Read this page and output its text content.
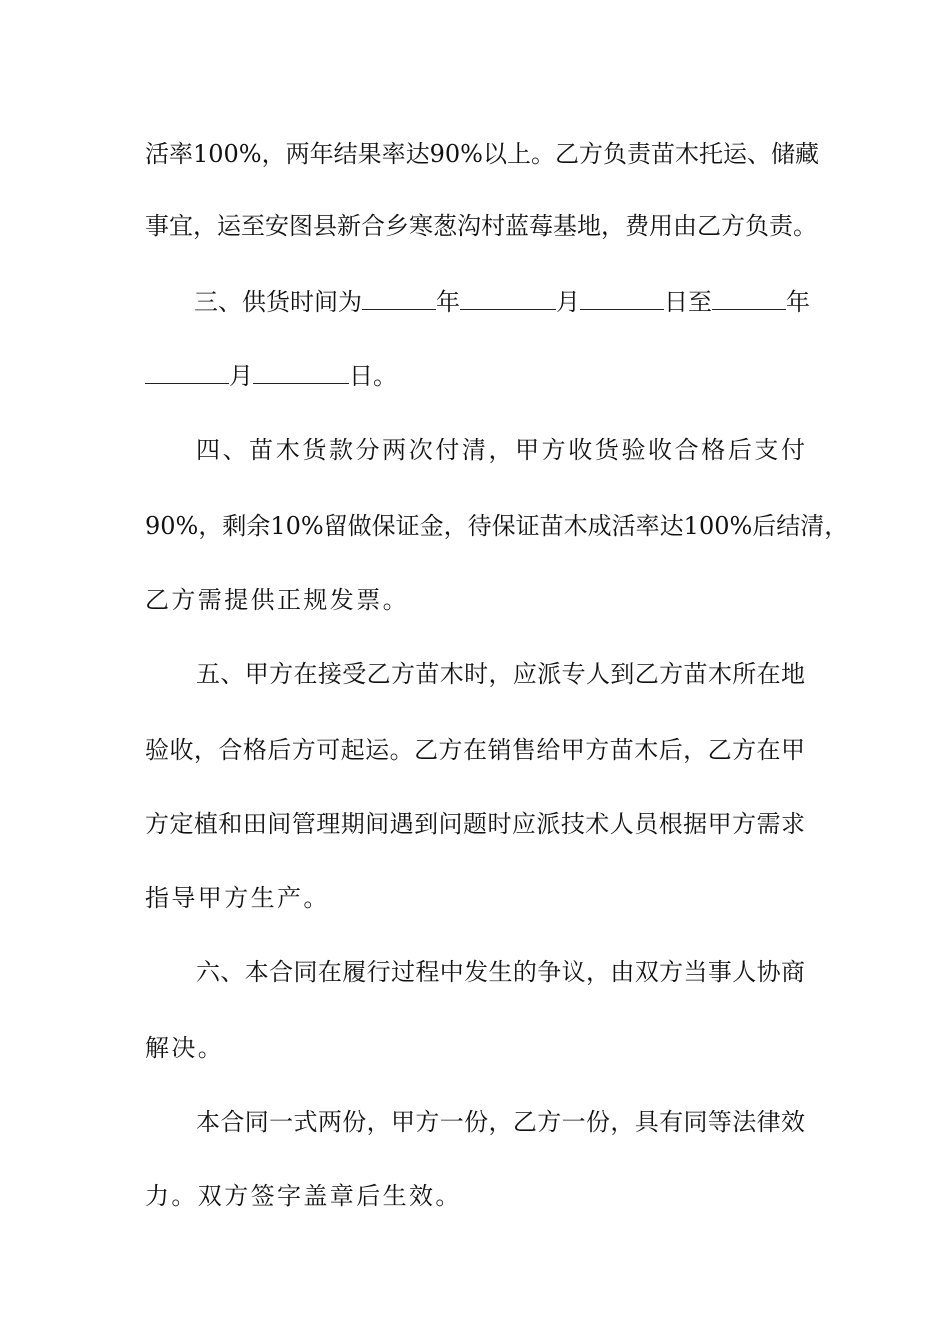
活率100%，两年结果率达90%以上。乙方负责苗木托运、储藏
事宜，运至安图县新合乡寒葱沟村蓝莓基地，费用由乙方负责。
三、供货时间为	年	月	日至	年
月	日。
四、苗木货款分两次付清，甲方收货验收合格后支付
90%，剩余10%留做保证金，待保证苗木成活率达100%后结清，
乙方需提供正规发票。
五、甲方在接受乙方苗木时，应派专人到乙方苗木所在地
验收，合格后方可起运。乙方在销售给甲方苗木后，乙方在甲
方定植和田间管理期间遇到问题时应派技术人员根据甲方需求
指导甲方生产。
六、本合同在履行过程中发生的争议，由双方当事人协商
解决。
本合同一式两份，甲方一份，乙方一份，具有同等法律效
力。双方签字盖章后生效。
